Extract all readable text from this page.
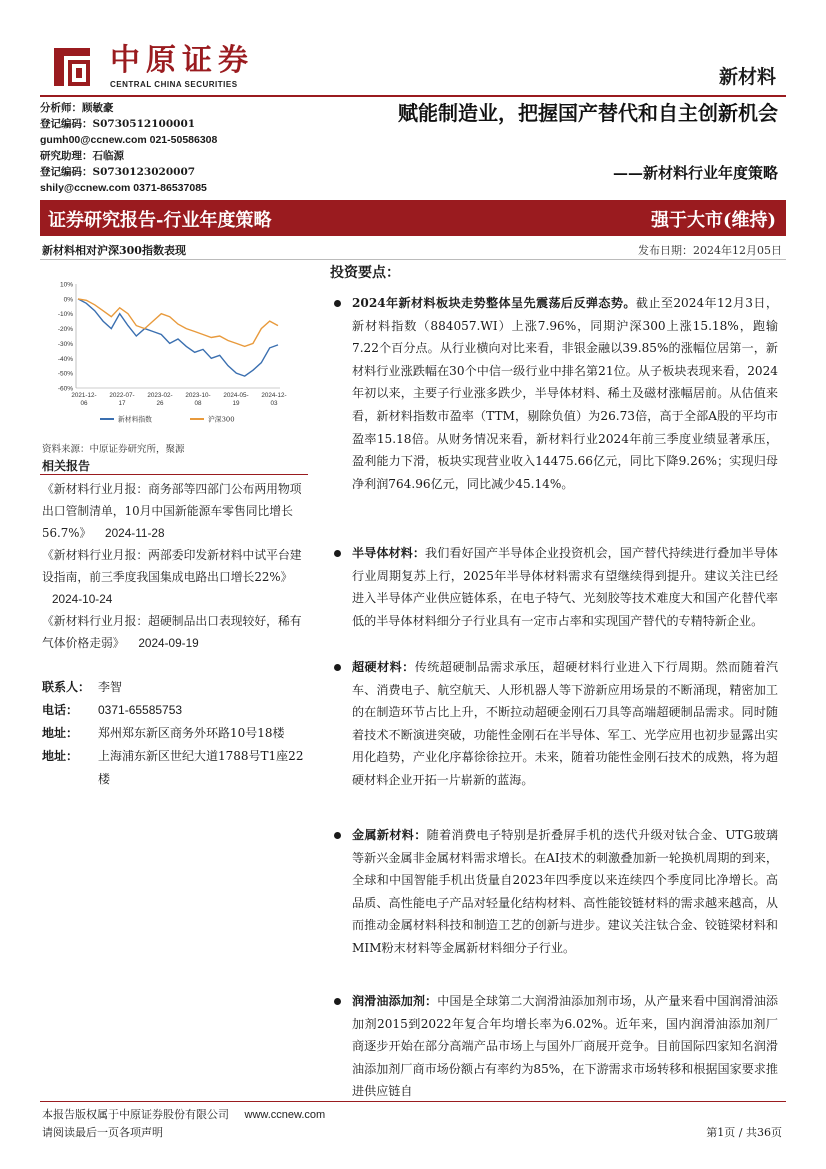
中原证券
CENTRAL CHINA SECURITIES	新材料
分析师：顾敏豪
登记编码：S0730512100001
gumh00@ccnew.com 021-50586308
研究助理：石临源
登记编码：S0730123020007
shily@ccnew.com 0371-86537085
赋能制造业，把握国产替代和自主创新机会
——新材料行业年度策略
证券研究报告-行业年度策略	强于大市(维持)
新材料相对沪深300指数表现	发布日期：2024年12月05日
10%
0%
-10%
-20%
-30%
-40%
-50%
-60%
2021-12-
06
2022-07-
17
2023-02-
26
2023-10-
08
2024-05-
19
2024-12-
03
新材料指数	沪深300
资料来源：中原证券研究所，聚源
相关报告
《新材料行业月报：商务部等四部门公布两用物项出口管制清单，10月中国新能源车零售同比增长56.7%》 2024-11-28
《新材料行业月报：两部委印发新材料中试平台建设指南，前三季度我国集成电路出口增长22%》 2024-10-24
《新材料行业月报：超硬制品出口表现较好，稀有气体价格走弱》 2024-09-19
联系人： 李智
电话：	0371-65585753
地址：	郑州郑东新区商务外环路10号18楼
地址：	上海浦东新区世纪大道1788号T1座22楼
投资要点：
2024年新材料板块走势整体呈先震荡后反弹态势。截止至2024年12月3日，新材料指数（884057.WI）上涨7.96%，同期沪深300上涨15.18%，跑输7.22个百分点。从行业横向对比来看，非银金融以39.85%的涨幅位居第一，新材料行业涨跌幅在30个中信一级行业中排名第21位。从子板块表现来看，2024年初以来，主要子行业涨多跌少，半导体材料、稀土及磁材涨幅居前。从估值来看，新材料指数市盈率（TTM，剔除负值）为26.73倍，高于全部A股的平均市盈率15.18倍。从财务情况来看，新材料行业2024年前三季度业绩显著承压，盈利能力下滑，板块实现营业收入14475.66亿元，同比下降9.26%；实现归母净利润764.96亿元，同比减少45.14%。
半导体材料：我们看好国产半导体企业投资机会，国产替代持续进行叠加半导体行业周期复苏上行，2025年半导体材料需求有望继续得到提升。建议关注已经进入半导体产业供应链体系，在电子特气、光刻胶等技术难度大和国产化替代率低的半导体材料细分子行业具有一定市占率和实现国产替代的专精特新企业。
超硬材料：传统超硬制品需求承压，超硬材料行业进入下行周期。然而随着汽车、消费电子、航空航天、人形机器人等下游新应用场景的不断涌现，精密加工的在制造环节占比上升，不断拉动超硬金刚石刀具等高端超硬制品需求。同时随着技术不断演进突破，功能性金刚石在半导体、军工、光学应用也初步显露出实用化趋势，产业化序幕徐徐拉开。未来，随着功能性金刚石技术的成熟，将为超硬材料企业开拓一片崭新的蓝海。
金属新材料：随着消费电子特别是折叠屏手机的迭代升级对钛合金、UTG玻璃等新兴金属非金属材料需求增长。在AI技术的刺激叠加新一轮换机周期的到来，全球和中国智能手机出货量自2023年四季度以来连续四个季度同比净增长。高品质、高性能电子产品对轻量化结构材料、高性能铰链材料的需求越来越高，从而推动金属材料科技和制造工艺的创新与进步。建议关注钛合金、铰链梁材料和MIM粉末材料等金属新材料细分子行业。
润滑油添加剂：中国是全球第二大润滑油添加剂市场，从产量来看中国润滑油添加剂2015到2022年复合年均增长率为6.02%。近年来，国内润滑油添加剂厂商逐步开始在部分高端产品市场上与国外厂商展开竞争。目前国际四家知名润滑油添加剂厂商市场份额占有率约为85%，在下游需求市场转移和根据国家要求推进供应链自
本报告版权属于中原证券股份有限公司 www.ccnew.com
请阅读最后一页各项声明	第1页 / 共36页
